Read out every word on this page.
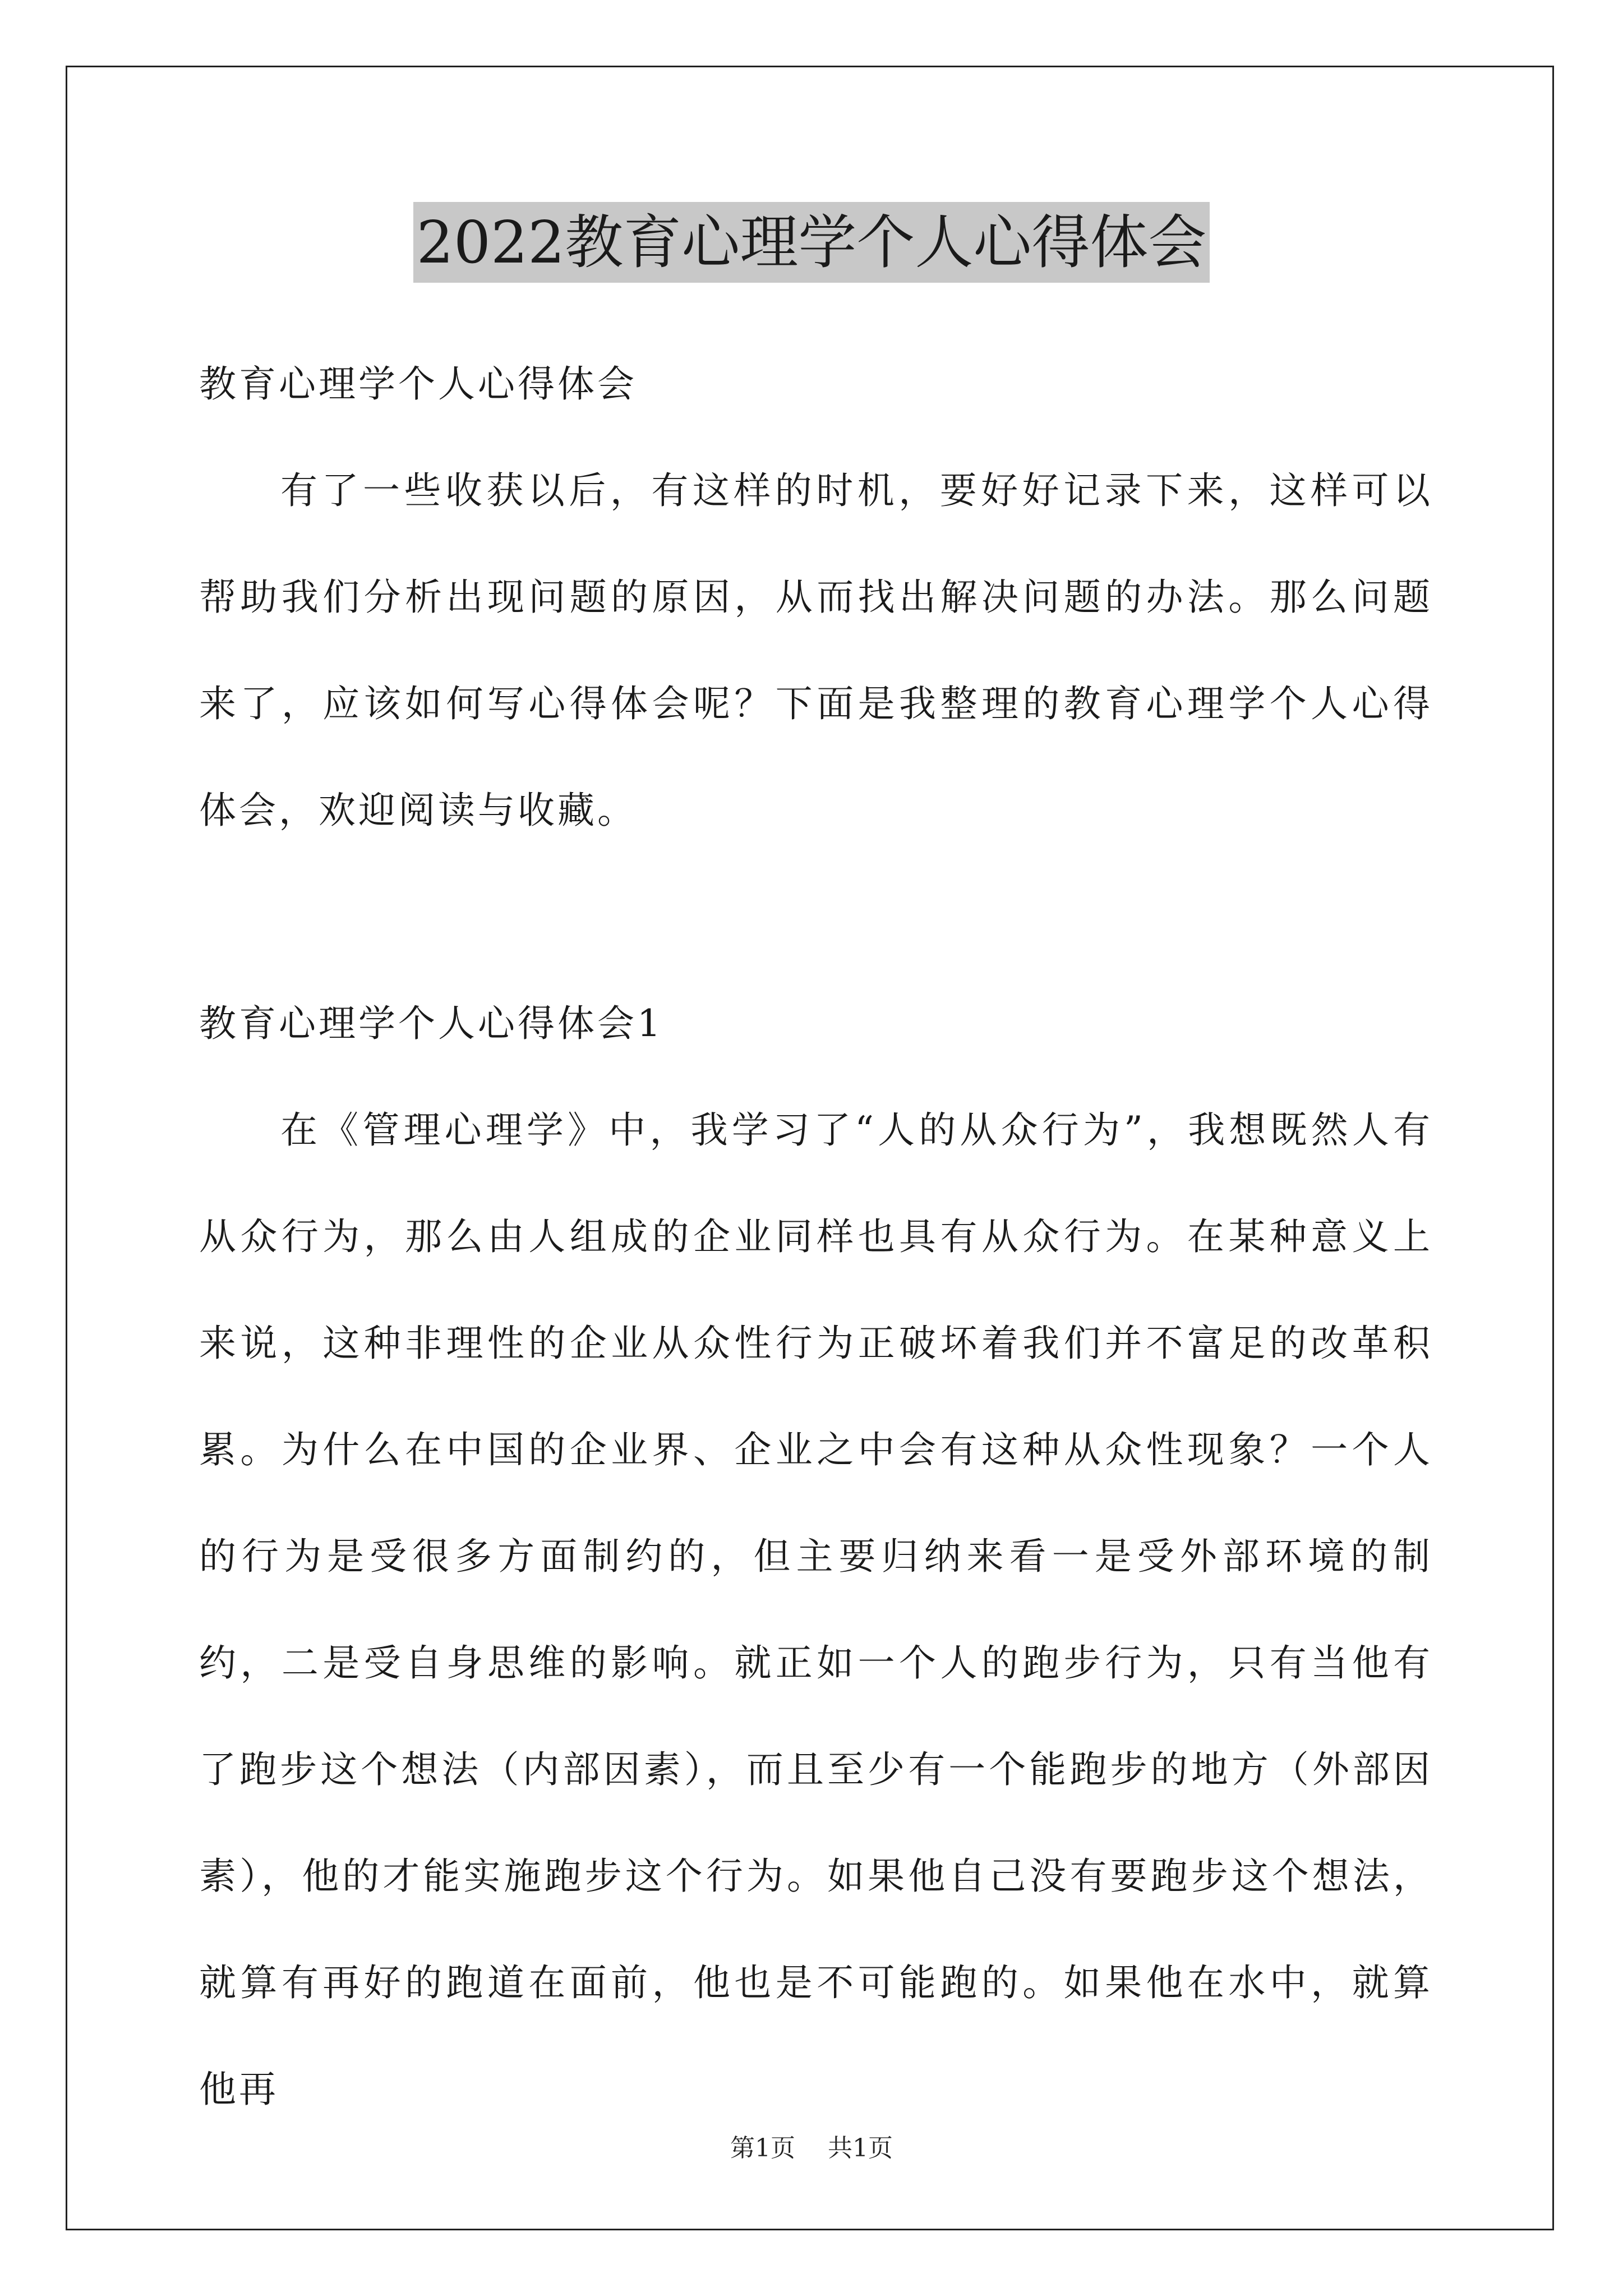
2022教育心理学个人心得体会

教育心理学个人心得体会

有了一些收获以后，有这样的时机，要好好记录下来，这样可以帮助我们分析出现问题的原因，从而找出解决问题的办法。那么问题来了，应该如何写心得体会呢？下面是我整理的教育心理学个人心得体会，欢迎阅读与收藏。

教育心理学个人心得体会1

在《管理心理学》中，我学习了“人的从众行为”，我想既然人有从众行为，那么由人组成的企业同样也具有从众行为。在某种意义上来说，这种非理性的企业从众性行为正破坏着我们并不富足的改革积累。为什么在中国的企业界、企业之中会有这种从众性现象？一个人的行为是受很多方面制约的，但主要归纳来看一是受外部环境的制约，二是受自身思维的影响。就正如一个人的跑步行为，只有当他有了跑步这个想法（内部因素），而且至少有一个能跑步的地方（外部因素），他的才能实施跑步这个行为。如果他自己没有要跑步这个想法，就算有再好的跑道在面前，他也是不可能跑的。如果他在水中，就算他再

第1页 共1页
